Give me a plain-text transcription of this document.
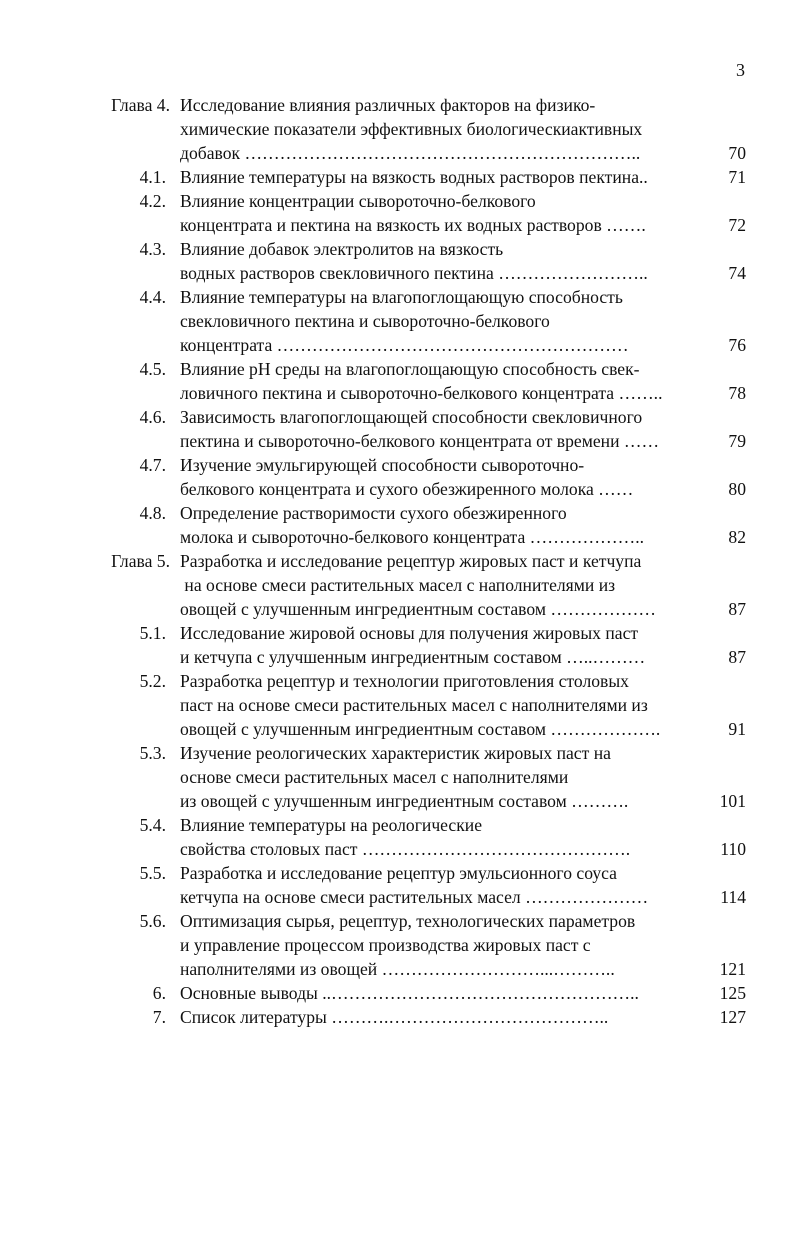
3
Глава 4. Исследование влияния различных факторов на физико-
химические показатели эффективных биологическиактивных
добавок …………………………………………………………..	70
4.1. Влияние температуры на вязкость водных растворов пектина..	71
4.2. Влияние концентрации сывороточно-белкового
концентрата и пектина на вязкость их водных растворов …….	72
4.3. Влияние добавок электролитов на вязкость
водных растворов свекловичного пектина ……………………..	74
4.4. Влияние температуры на влагопоглощающую способность
свекловичного пектина и сывороточно-белкового
концентрата ……………………………………………………	76
4.5. Влияние pH среды на влагопоглощающую способность свек-
ловичного пектина и сывороточно-белкового концентрата ……..	78
4.6. Зависимость влагопоглощающей способности свекловичного
пектина и сывороточно-белкового концентрата от времени ……	79
4.7. Изучение эмульгирующей способности сывороточно-
белкового концентрата и сухого обезжиренного молока ……	80
4.8. Определение растворимости сухого обезжиренного
молока и сывороточно-белкового концентрата ………………..	82
Глава 5. Разработка и исследование рецептур жировых паст и кетчупа
на основе смеси растительных масел с наполнителями из
овощей с улучшенным ингредиентным составом ………………	87
5.1. Исследование жировой основы для получения жировых паст
и кетчупа с улучшенным ингредиентным составом …..………	87
5.2. Разработка рецептур и технологии приготовления столовых
паст на основе смеси растительных масел с наполнителями из
овощей с улучшенным ингредиентным составом ……………….	91
5.3. Изучение реологических характеристик жировых паст на
основе смеси растительных масел с наполнителями
из овощей с улучшенным ингредиентным составом ……….	101
5.4. Влияние температуры на реологические
свойства столовых паст ……………………………………….	110
5.5. Разработка и исследование рецептур эмульсионного соуса
кетчупа на основе смеси растительных масел …………………	114
5.6. Оптимизация сырья, рецептур, технологических параметров
и управление процессом производства жировых паст с
наполнителями из овощей ………………………...………..	121
6. Основные выводы ..……………………………………………..	125
7. Список литературы ……….………………………………..	127
